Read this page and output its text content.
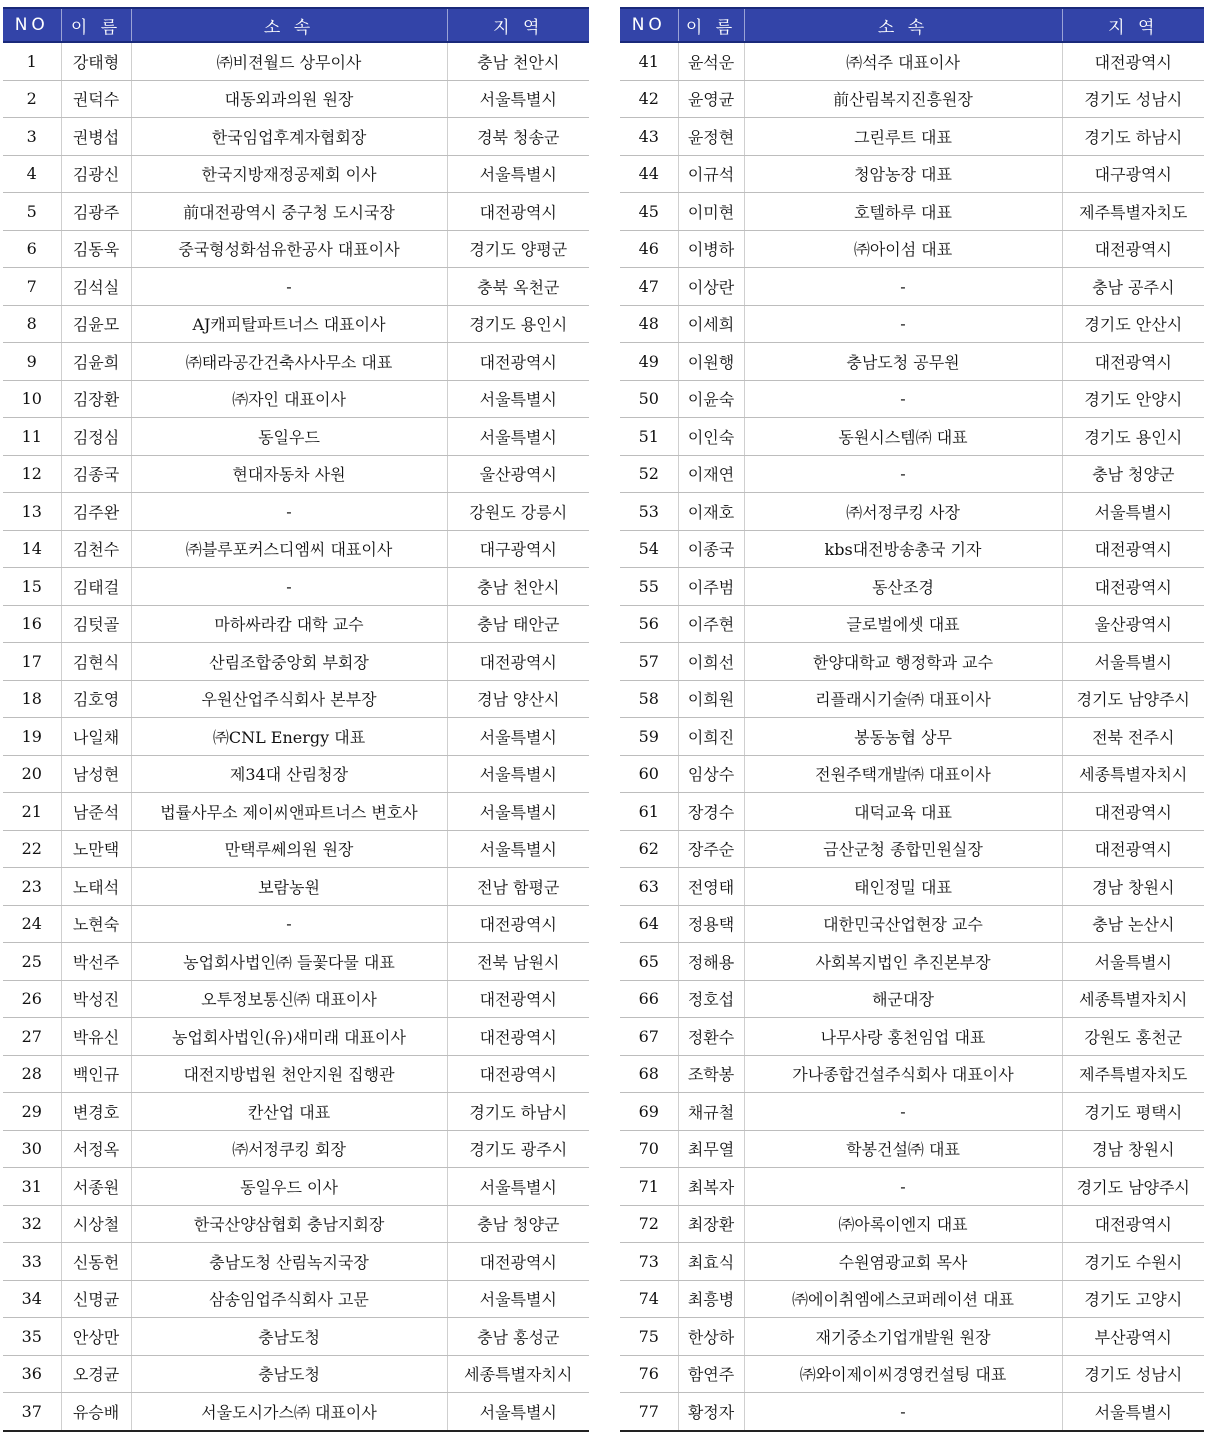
NO	이 름	소 속	지 역
1	강태형	㈜비젼월드 상무이사	충남 천안시
2	권덕수	대동외과의원 원장	서울특별시
3	권병섭	한국임업후계자협회장	경북 청송군
4	김광신	한국지방재정공제회 이사	서울특별시
5	김광주	前대전광역시 중구청 도시국장	대전광역시
6	김동욱	중국형성화섬유한공사 대표이사	경기도 양평군
7	김석실	-	충북 옥천군
8	김윤모	AJ캐피탈파트너스 대표이사	경기도 용인시
9	김윤희	㈜태라공간건축사사무소 대표	대전광역시
10	김장환	㈜자인 대표이사	서울특별시
11	김정심	동일우드	서울특별시
12	김종국	현대자동차 사원	울산광역시
13	김주완	-	강원도 강릉시
14	김천수	㈜블루포커스디엠씨 대표이사	대구광역시
15	김태걸	-	충남 천안시
16	김텃골	마하싸라캄 대학 교수	충남 태안군
17	김현식	산림조합중앙회 부회장	대전광역시
18	김호영	우원산업주식회사 본부장	경남 양산시
19	나일채	㈜CNL Energy 대표	서울특별시
20	남성현	제34대 산림청장	서울특별시
21	남준석	법률사무소 제이씨앤파트너스 변호사	서울특별시
22	노만택	만택루쎄의원 원장	서울특별시
23	노태석	보람농원	전남 함평군
24	노현숙	-	대전광역시
25	박선주	농업회사법인㈜ 들꽃다물 대표	전북 남원시
26	박성진	오투정보통신㈜ 대표이사	대전광역시
27	박유신	농업회사법인(유)새미래 대표이사	대전광역시
28	백인규	대전지방법원 천안지원 집행관	대전광역시
29	변경호	칸산업 대표	경기도 하남시
30	서정옥	㈜서정쿠킹 회장	경기도 광주시
31	서종원	동일우드 이사	서울특별시
32	시상철	한국산양삼협회 충남지회장	충남 청양군
33	신동헌	충남도청 산림녹지국장	대전광역시
34	신명균	삼송임업주식회사 고문	서울특별시
35	안상만	충남도청	충남 홍성군
36	오경균	충남도청	세종특별자치시
37	유승배	서울도시가스㈜ 대표이사	서울특별시
NO	이 름	소 속	지 역
41	윤석운	㈜석주 대표이사	대전광역시
42	윤영균	前산림복지진흥원장	경기도 성남시
43	윤정현	그린루트 대표	경기도 하남시
44	이규석	청암농장 대표	대구광역시
45	이미현	호텔하루 대표	제주특별자치도
46	이병하	㈜아이섬 대표	대전광역시
47	이상란	-	충남 공주시
48	이세희	-	경기도 안산시
49	이원행	충남도청 공무원	대전광역시
50	이윤숙	-	경기도 안양시
51	이인숙	동원시스템㈜ 대표	경기도 용인시
52	이재연	-	충남 청양군
53	이재호	㈜서정쿠킹 사장	서울특별시
54	이종국	kbs대전방송총국 기자	대전광역시
55	이주범	동산조경	대전광역시
56	이주현	글로벌에셋 대표	울산광역시
57	이희선	한양대학교 행정학과 교수	서울특별시
58	이희원	리플래시기술㈜ 대표이사	경기도 남양주시
59	이희진	봉동농협 상무	전북 전주시
60	임상수	전원주택개발㈜ 대표이사	세종특별자치시
61	장경수	대덕교육 대표	대전광역시
62	장주순	금산군청 종합민원실장	대전광역시
63	전영태	태인정밀 대표	경남 창원시
64	정용택	대한민국산업현장 교수	충남 논산시
65	정해용	사회복지법인 추진본부장	서울특별시
66	정호섭	해군대장	세종특별자치시
67	정환수	나무사랑 홍천임업 대표	강원도 홍천군
68	조학봉	가나종합건설주식회사 대표이사	제주특별자치도
69	채규철	-	경기도 평택시
70	최무열	학봉건설㈜ 대표	경남 창원시
71	최복자	-	경기도 남양주시
72	최장환	㈜아록이엔지 대표	대전광역시
73	최효식	수원염광교회 목사	경기도 수원시
74	최흥병	㈜에이취엠에스코퍼레이션 대표	경기도 고양시
75	한상하	재기중소기업개발원 원장	부산광역시
76	함연주	㈜와이제이씨경영컨설팅 대표	경기도 성남시
77	황정자	-	서울특별시
